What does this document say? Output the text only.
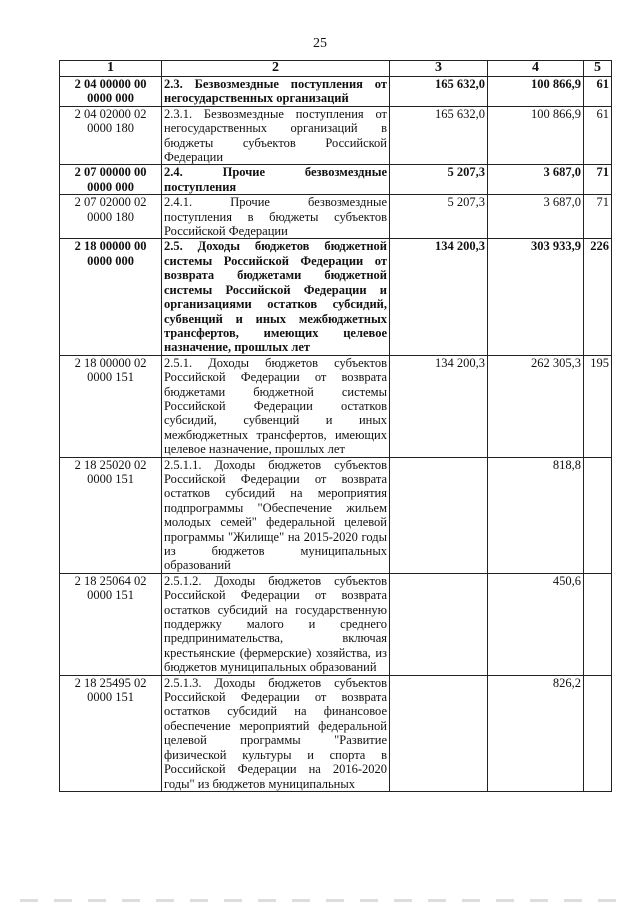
25
1	2	3	4	5
2 04 00000 00
0000 000	2.3. Безвозмездные поступления от негосударственных организаций	165 632,0	100 866,9	61
2 04 02000 02
0000 180	2.3.1. Безвозмездные поступления от негосударственных организаций в бюджеты субъектов Российской Федерации	165 632,0	100 866,9	61
2 07 00000 00
0000 000	2.4. Прочие безвозмездные поступления	5 207,3	3 687,0	71
2 07 02000 02
0000 180	2.4.1. Прочие безвозмездные поступления в бюджеты субъектов Российской Федерации	5 207,3	3 687,0	71
2 18 00000 00
0000 000	2.5. Доходы бюджетов бюджетной системы Российской Федерации от возврата бюджетами бюджетной системы Российской Федерации и организациями остатков субсидий, субвенций и иных межбюджетных трансфертов, имеющих целевое назначение, прошлых лет	134 200,3	303 933,9	226
2 18 00000 02
0000 151	2.5.1. Доходы бюджетов субъектов Российской Федерации от возврата бюджетами бюджетной системы Российской Федерации остатков субсидий, субвенций и иных межбюджетных трансфертов, имеющих целевое назначение, прошлых лет	134 200,3	262 305,3	195
2 18 25020 02
0000 151	2.5.1.1. Доходы бюджетов субъектов Российской Федерации от возврата остатков субсидий на мероприятия подпрограммы "Обеспечение жильем молодых семей" федеральной целевой программы "Жилище" на 2015-2020 годы из бюджетов муниципальных образований		818,8	
2 18 25064 02
0000 151	2.5.1.2. Доходы бюджетов субъектов Российской Федерации от возврата остатков субсидий на государственную поддержку малого и среднего предпринимательства, включая крестьянские (фермерские) хозяйства, из бюджетов муниципальных образований		450,6	
2 18 25495 02
0000 151	2.5.1.3. Доходы бюджетов субъектов Российской Федерации от возврата остатков субсидий на финансовое обеспечение мероприятий федеральной целевой программы "Развитие физической культуры и спорта в Российской Федерации на 2016-2020 годы" из бюджетов муниципальных		826,2	
